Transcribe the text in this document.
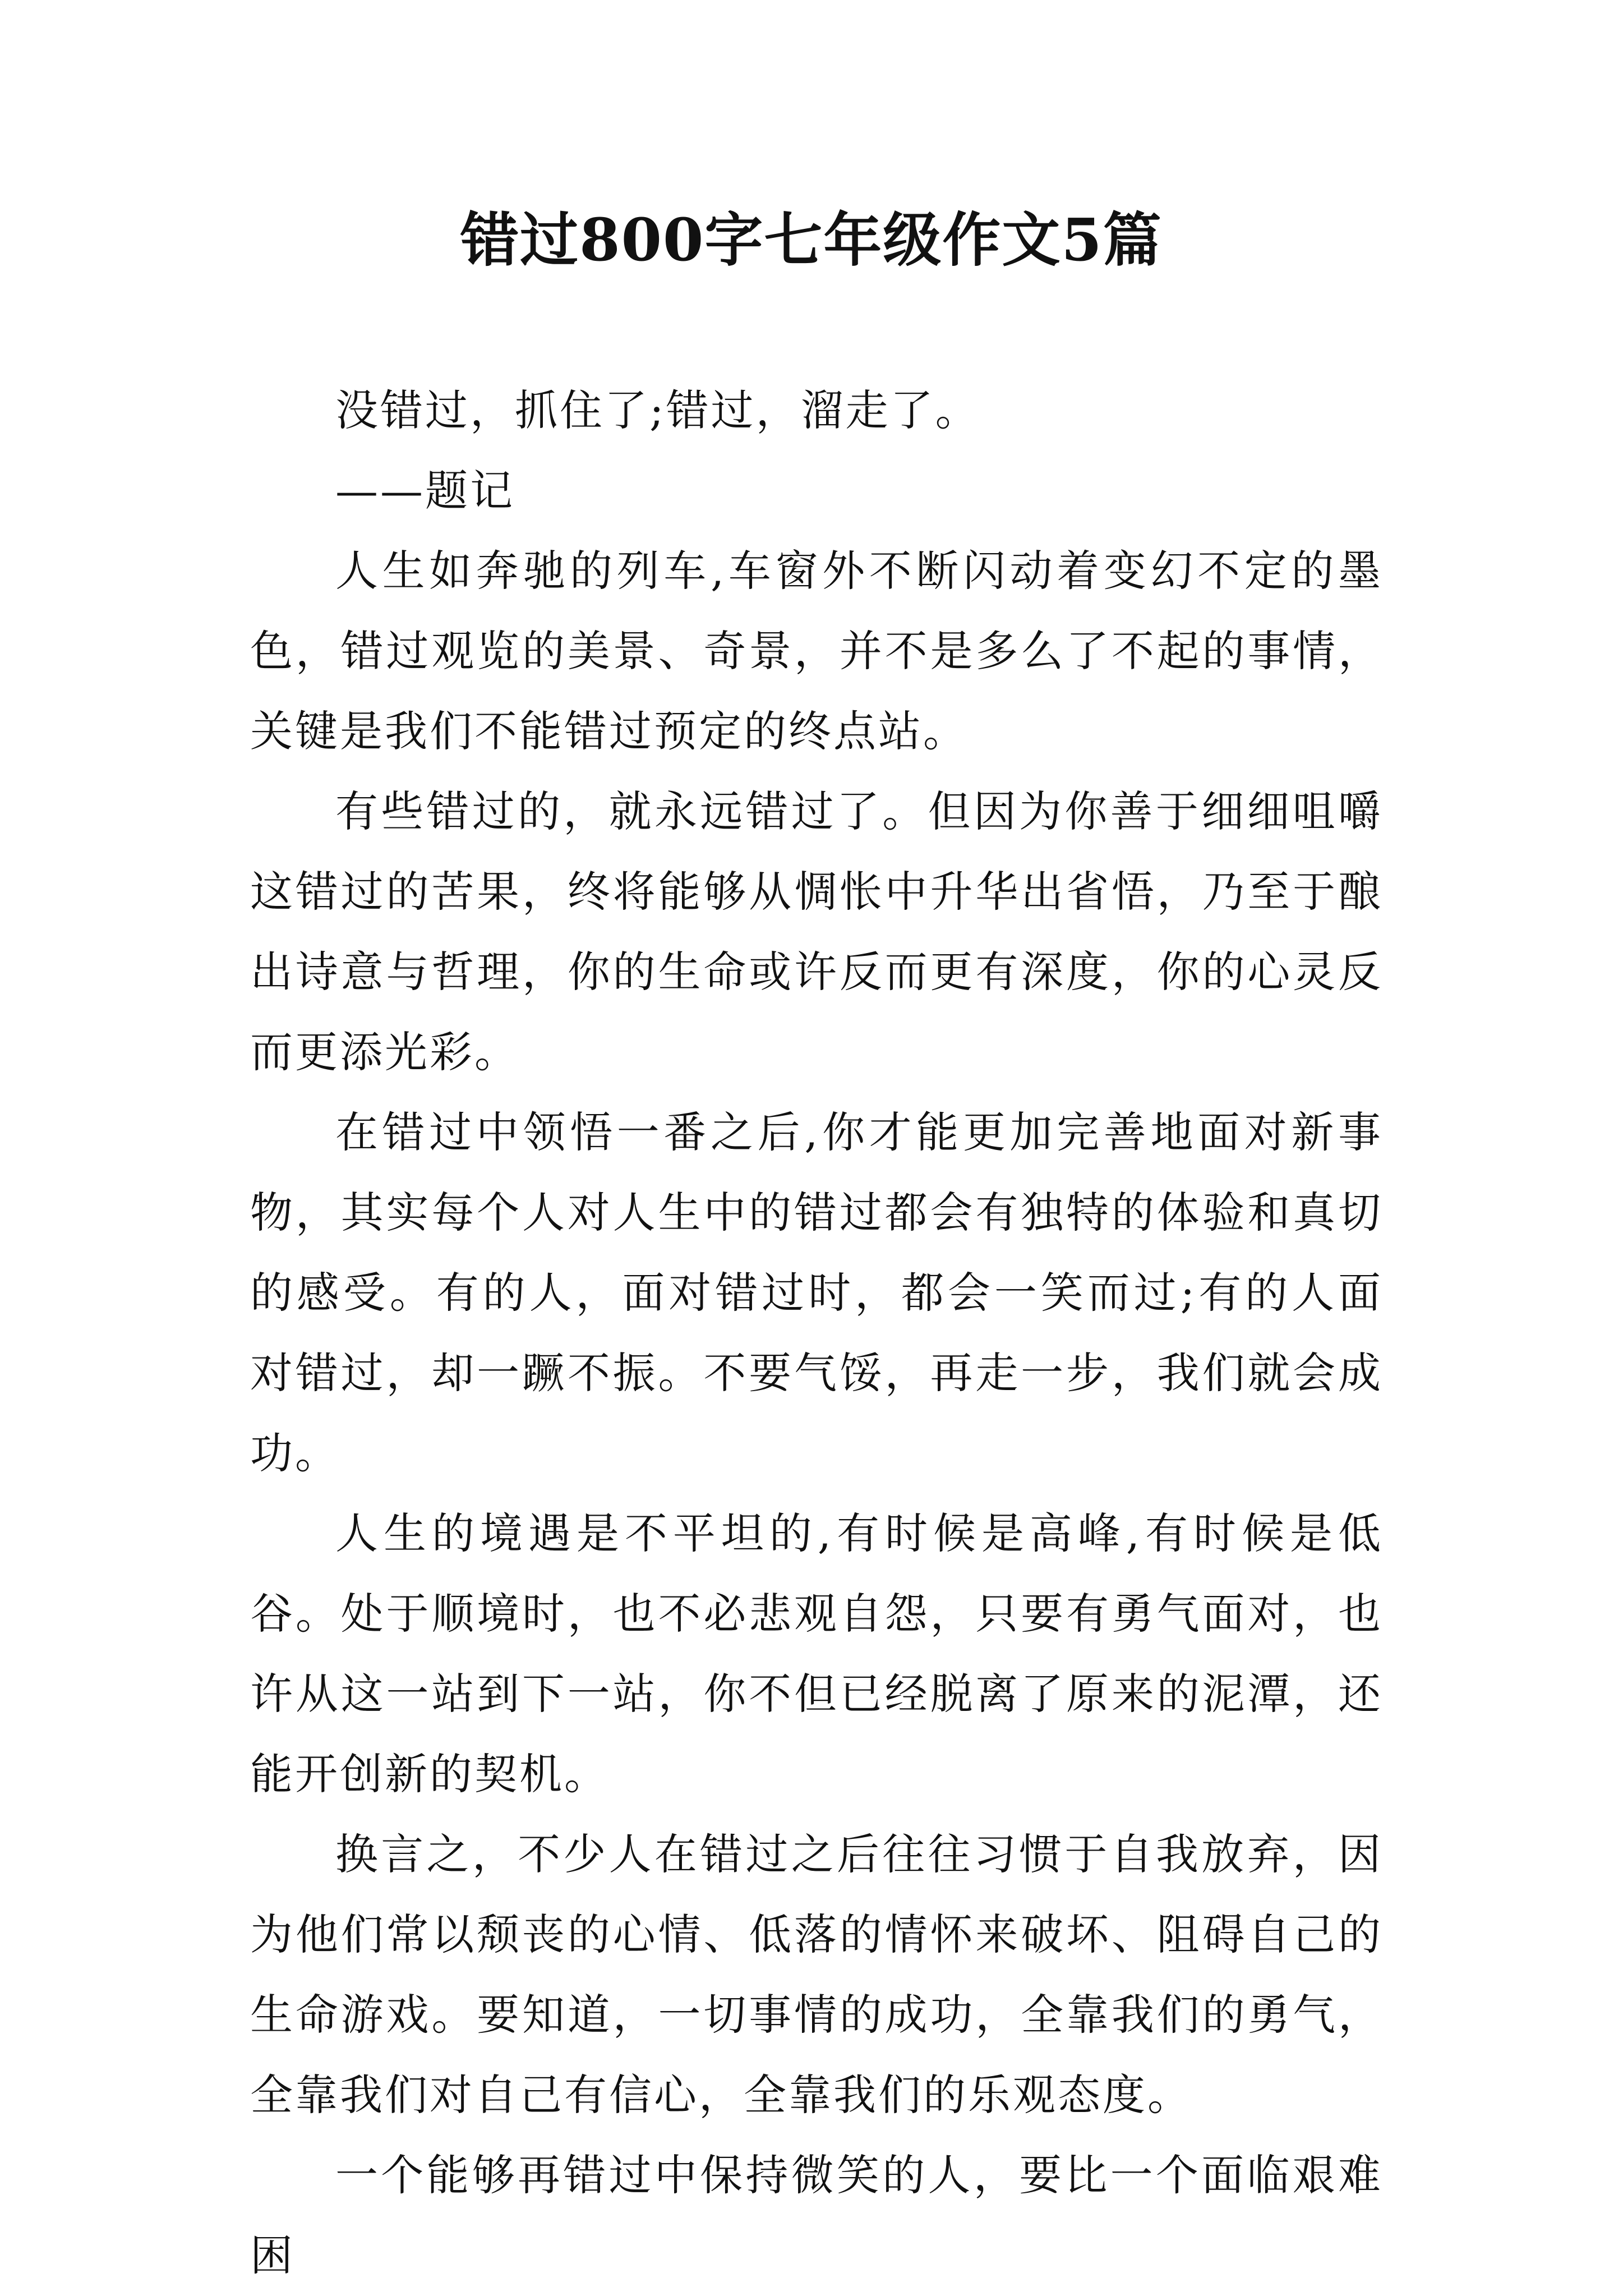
错过800字七年级作文5篇

没错过，抓住了;错过，溜走了。

——题记

人生如奔驰的列车,车窗外不断闪动着变幻不定的墨色，错过观览的美景、奇景，并不是多么了不起的事情，关键是我们不能错过预定的终点站。

有些错过的，就永远错过了。但因为你善于细细咀嚼这错过的苦果，终将能够从惆怅中升华出省悟，乃至于酿出诗意与哲理，你的生命或许反而更有深度，你的心灵反而更添光彩。

在错过中领悟一番之后,你才能更加完善地面对新事物，其实每个人对人生中的错过都会有独特的体验和真切的感受。有的人，面对错过时，都会一笑而过;有的人面对错过，却一蹶不振。不要气馁，再走一步，我们就会成功。

人生的境遇是不平坦的,有时候是高峰,有时候是低谷。处于顺境时，也不必悲观自怨，只要有勇气面对，也许从这一站到下一站，你不但已经脱离了原来的泥潭，还能开创新的契机。

换言之，不少人在错过之后往往习惯于自我放弃，因为他们常以颓丧的心情、低落的情怀来破坏、阻碍自己的生命游戏。要知道，一切事情的成功，全靠我们的勇气，全靠我们对自己有信心，全靠我们的乐观态度。

一个能够再错过中保持微笑的人，要比一个面临艰难困
